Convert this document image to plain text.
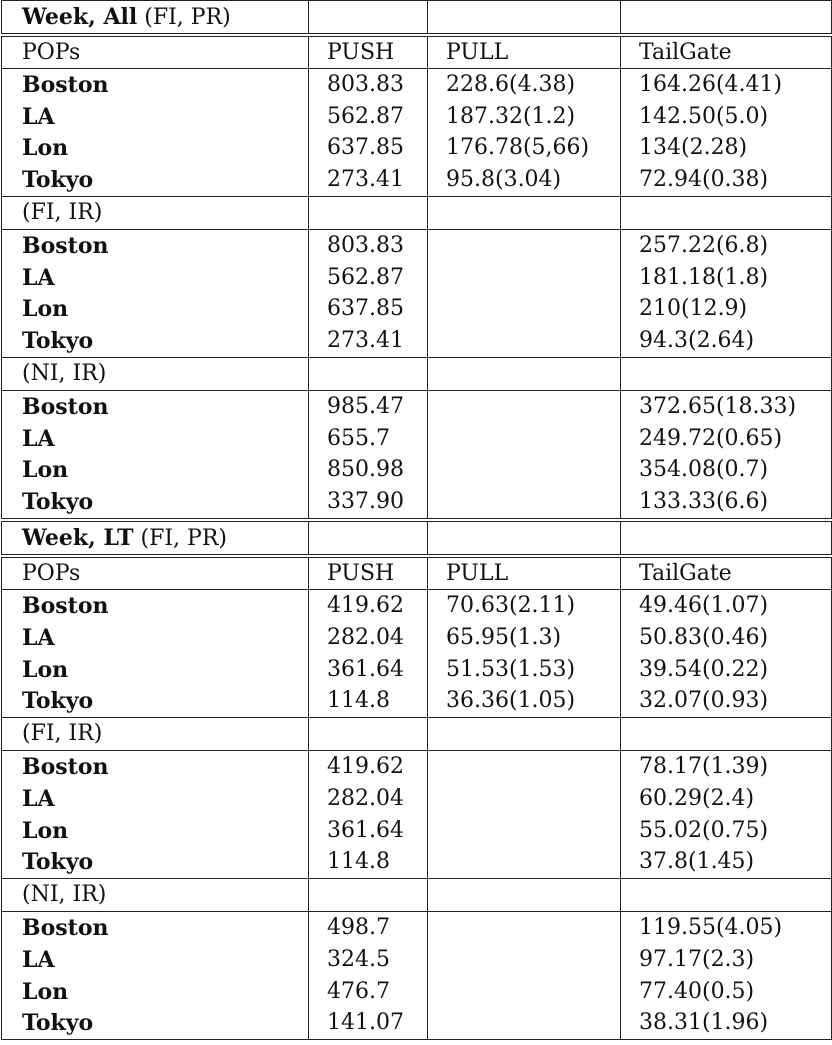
Week, All (FI, PR)			
POPs	PUSH	PULL	TailGate
Boston	803.83	228.6(4.38)	164.26(4.41)
LA	562.87	187.32(1.2)	142.50(5.0)
Lon	637.85	176.78(5,66)	134(2.28)
Tokyo	273.41	95.8(3.04)	72.94(0.38)
(FI, IR)			
Boston	803.83		257.22(6.8)
LA	562.87		181.18(1.8)
Lon	637.85		210(12.9)
Tokyo	273.41		94.3(2.64)
(NI, IR)			
Boston	985.47		372.65(18.33)
LA	655.7		249.72(0.65)
Lon	850.98		354.08(0.7)
Tokyo	337.90		133.33(6.6)
Week, LT (FI, PR)			
POPs	PUSH	PULL	TailGate
Boston	419.62	70.63(2.11)	49.46(1.07)
LA	282.04	65.95(1.3)	50.83(0.46)
Lon	361.64	51.53(1.53)	39.54(0.22)
Tokyo	114.8	36.36(1.05)	32.07(0.93)
(FI, IR)			
Boston	419.62		78.17(1.39)
LA	282.04		60.29(2.4)
Lon	361.64		55.02(0.75)
Tokyo	114.8		37.8(1.45)
(NI, IR)			
Boston	498.7		119.55(4.05)
LA	324.5		97.17(2.3)
Lon	476.7		77.40(0.5)
Tokyo	141.07		38.31(1.96)
